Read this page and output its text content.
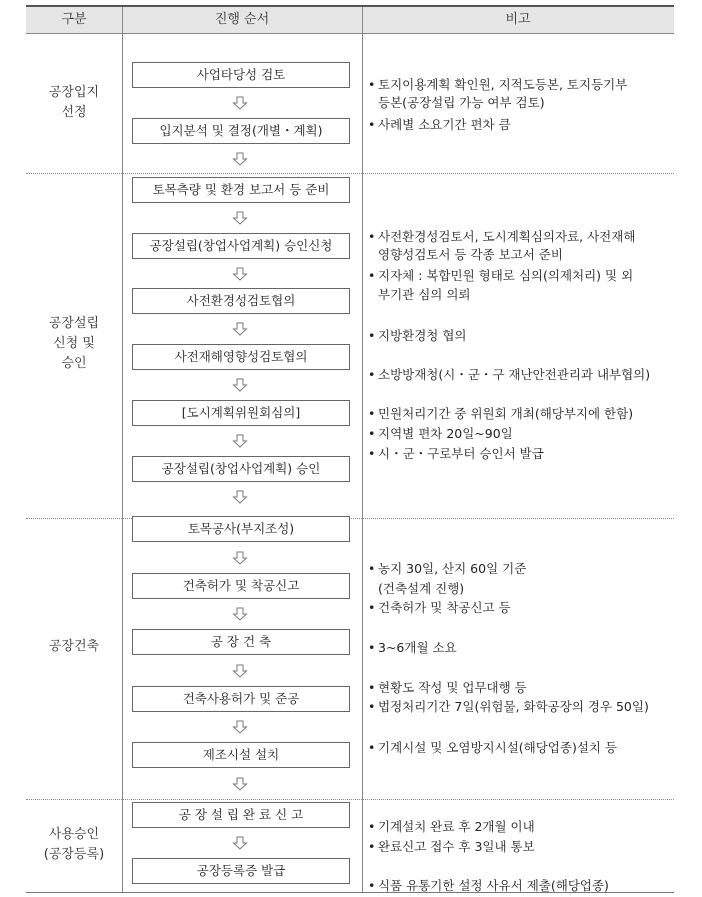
구분	진행 순서	비고
공장입지
선정
공장설립
신청 및
승인
공장건축
사용승인
(공장등록)
사업타당성 검토
입지분석 및 결정(개별・계획)
토목측량 및 환경 보고서 등 준비
공장설립(창업사업계획) 승인신청
사전환경성검토협의
사전재해영향성검토협의
[도시계획위원회심의]
공장설립(창업사업계획) 승인
토목공사(부지조성)
건축허가 및 착공신고
공 장 건 축
건축사용허가 및 준공
제조시설 설치
공 장 설 립 완 료 신 고
공장등록증 발급
• 토지이용계획 확인원, 지적도등본, 토지등기부
등본(공장설립 가능 여부 검토)
• 사례별 소요기간 편차 큼
• 사전환경성검토서, 도시계획심의자료, 사전재해
영향성검토서 등 각종 보고서 준비
• 지자체 : 복합민원 형태로 심의(의제처리) 및 외
부기관 심의 의뢰
• 지방환경청 협의
• 소방방재청(시・군・구 재난안전관리과 내부협의)
• 민원처리기간 중 위원회 개최(해당부지에 한함)
• 지역별 편차 20일~90일
• 시・군・구로부터 승인서 발급
• 농지 30일, 산지 60일 기준
(건축설계 진행)
• 건축허가 및 착공신고 등
• 3~6개월 소요
• 현황도 작성 및 업무대행 등
• 법정처리기간 7일(위험물, 화학공장의 경우 50일)
• 기계시설 및 오염방지시설(해당업종)설치 등
• 기계설치 완료 후 2개월 이내
• 완료신고 접수 후 3일내 통보
• 식품 유통기한 설정 사유서 제출(해당업종)
